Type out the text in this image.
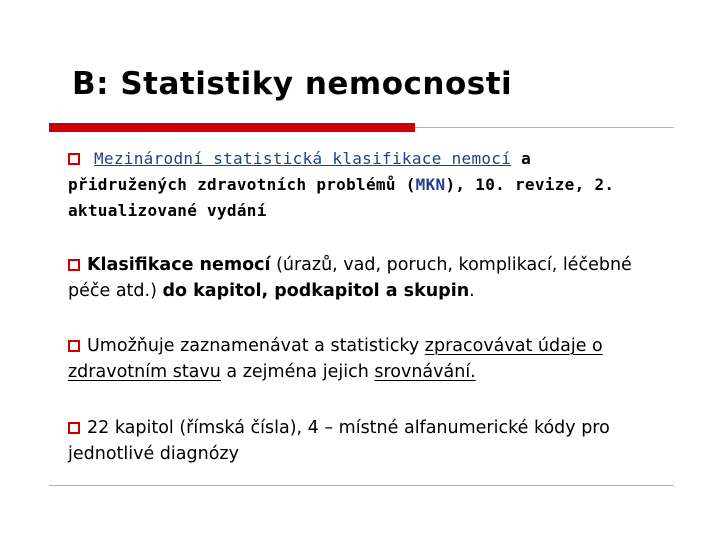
B: Statistiky nemocnosti
Mezinárodní statistická klasifikace nemocí a
přidružených zdravotních problémů (MKN), 10. revize, 2. aktualizované vydání
Klasifikace nemocí (úrazů, vad, poruch, komplikací, léčebné péče atd.) do kapitol, podkapitol a skupin.
Umožňuje zaznamenávat a statisticky zpracovávat údaje o zdravotním stavu a zejména jejich srovnávání.
22 kapitol (římská čísla), 4 – místné alfanumerické kódy pro jednotlivé diagnózy
